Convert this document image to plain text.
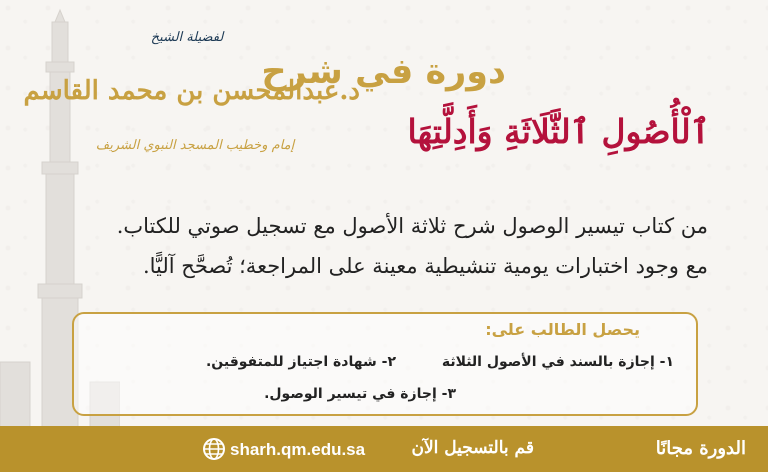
دورة في شرح
ٱلْأُصُولِ ٱلثَّلَاثَةِ وَأَدِلَّتِهَا
لفضيلة الشيخ
د.عبدالمحسن بن محمد القاسم
إمام وخطيب المسجد النبوي الشريف
من كتاب تيسير الوصول شرح ثلاثة الأصول مع تسجيل صوتي للكتاب.
مع وجود اختبارات يومية تنشيطية معينة على المراجعة؛ تُصحَّح آليًّا.
يحصل الطالب على:
١- إجازة بالسند في الأصول الثلاثة
٢- شهادة اجتياز للمتفوقين.
٣- إجازة في تيسير الوصول.
الدورة مجانًا
قم بالتسجيل الآن
sharh.qm.edu.sa
